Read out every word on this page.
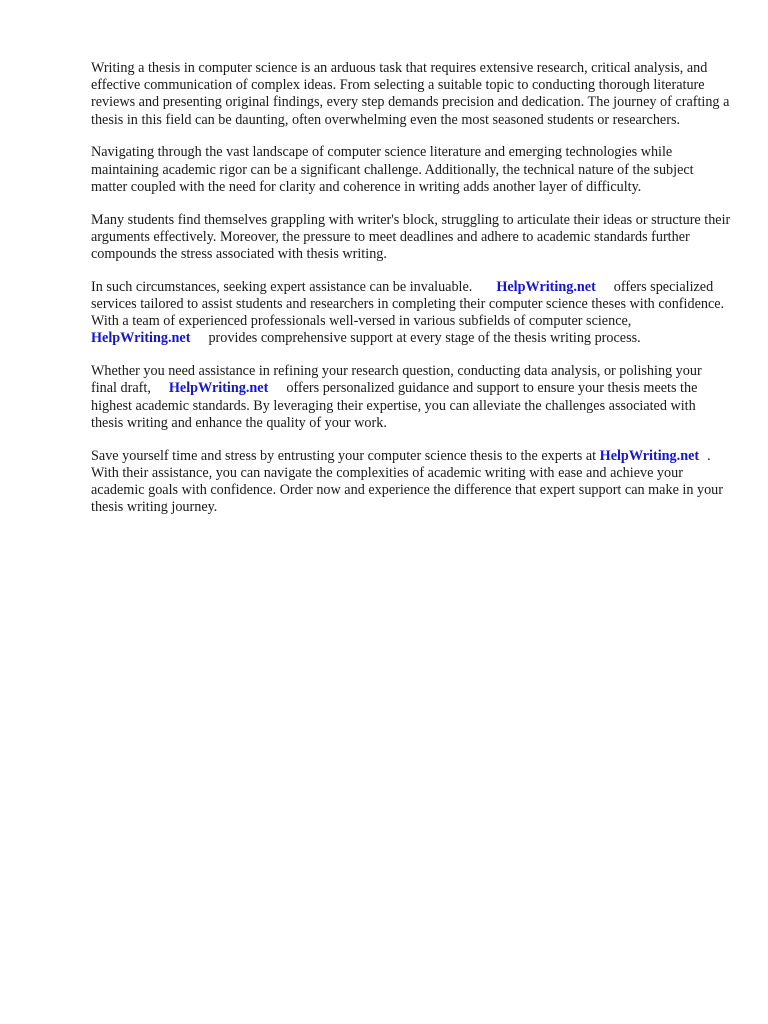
Writing a thesis in computer science is an arduous task that requires extensive research, critical analysis, and effective communication of complex ideas. From selecting a suitable topic to conducting thorough literature reviews and presenting original findings, every step demands precision and dedication. The journey of crafting a thesis in this field can be daunting, often overwhelming even the most seasoned students or researchers.

Navigating through the vast landscape of computer science literature and emerging technologies while maintaining academic rigor can be a significant challenge. Additionally, the technical nature of the subject matter coupled with the need for clarity and coherence in writing adds another layer of difficulty.

Many students find themselves grappling with writer's block, struggling to articulate their ideas or structure their arguments effectively. Moreover, the pressure to meet deadlines and adhere to academic standards further compounds the stress associated with thesis writing.

In such circumstances, seeking expert assistance can be invaluable. HelpWriting.net offers specialized services tailored to assist students and researchers in completing their computer science theses with confidence. With a team of experienced professionals well-versed in various subfields of computer science,HelpWriting.net provides comprehensive support at every stage of the thesis writing process.

Whether you need assistance in refining your research question, conducting data analysis, or polishing your final draft, HelpWriting.net offers personalized guidance and support to ensure your thesis meets the highest academic standards. By leveraging their expertise, you can alleviate the challenges associated with thesis writing and enhance the quality of your work.

Save yourself time and stress by entrusting your computer science thesis to the experts at HelpWriting.net . With their assistance, you can navigate the complexities of academic writing with ease and achieve your academic goals with confidence. Order now and experience the difference that expert support can make in your thesis writing journey.
